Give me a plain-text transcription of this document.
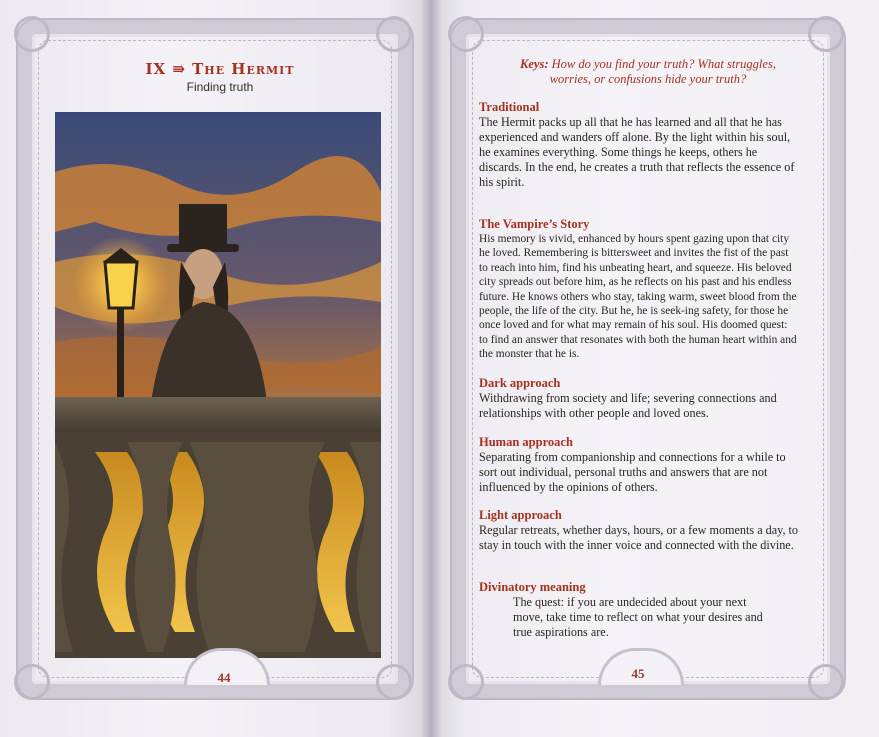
IX ⇛ The Hermit
Finding truth
44	45
Keys: How do you find your truth? What struggles, worries, or confusions hide your truth?
Traditional
The Hermit packs up all that he has learned and all that he has experienced and wanders off alone. By the light within his soul, he examines everything. Some things he keeps, others he discards. In the end, he creates a truth that reflects the essence of his spirit.
The Vampire’s Story
His memory is vivid, enhanced by hours spent gazing upon that city he loved. Remembering is bittersweet and invites the fist of the past to reach into him, find his unbeating heart, and squeeze. His beloved city spreads out before him, as he reflects on his past and his endless future. He knows others who stay, taking warm, sweet blood from the people, the life of the city. But he, he is seek-ing safety, for those he once loved and for what may remain of his soul. His doomed quest: to find an answer that resonates with both the human heart within and the monster that he is.
Dark approach
Withdrawing from society and life; severing connections and relationships with other people and loved ones.
Human approach
Separating from companionship and connections for a while to sort out individual, personal truths and answers that are not influenced by the opinions of others.
Light approach
Regular retreats, whether days, hours, or a few moments a day, to stay in touch with the inner voice and connected with the divine.
Divinatory meaning
The quest: if you are undecided about your next move, take time to reflect on what your desires and true aspirations are.
